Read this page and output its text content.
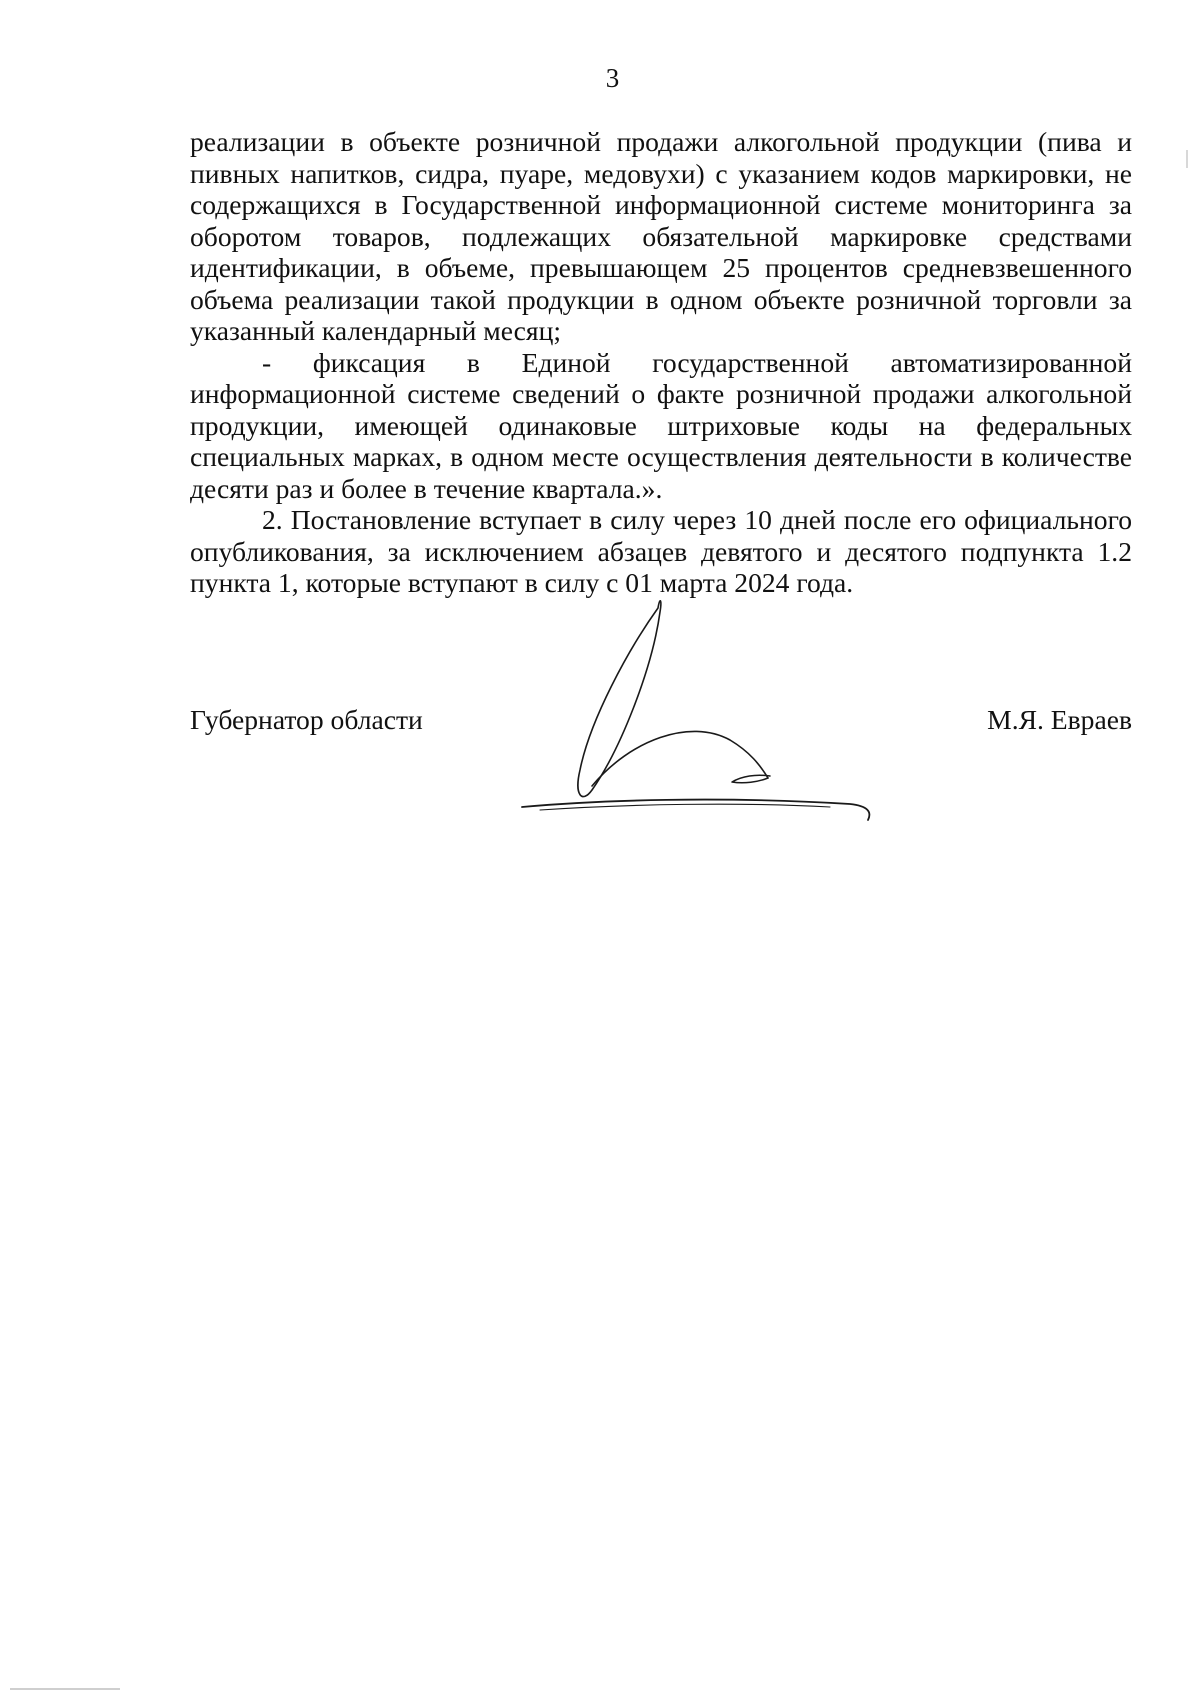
3

реализации в объекте розничной продажи алкогольной продукции (пива и пивных напитков, сидра, пуаре, медовухи) с указанием кодов маркировки, не содержащихся в Государственной информационной системе мониторинга за оборотом товаров, подлежащих обязательной маркировке средствами идентификации, в объеме, превышающем 25 процентов средневзвешенного объема реализации такой продукции в одном объекте розничной торговли за указанный календарный месяц;

- фиксация в Единой государственной автоматизированной информационной системе сведений о факте розничной продажи алкогольной продукции, имеющей одинаковые штриховые коды на федеральных специальных марках, в одном месте осуществления деятельности в количестве десяти раз и более в течение квартала.».

2. Постановление вступает в силу через 10 дней после его официального опубликования, за исключением абзацев девятого и десятого подпункта 1.2 пункта 1, которые вступают в силу с 01 марта 2024 года.

Губернатор области	М.Я. Евраев
